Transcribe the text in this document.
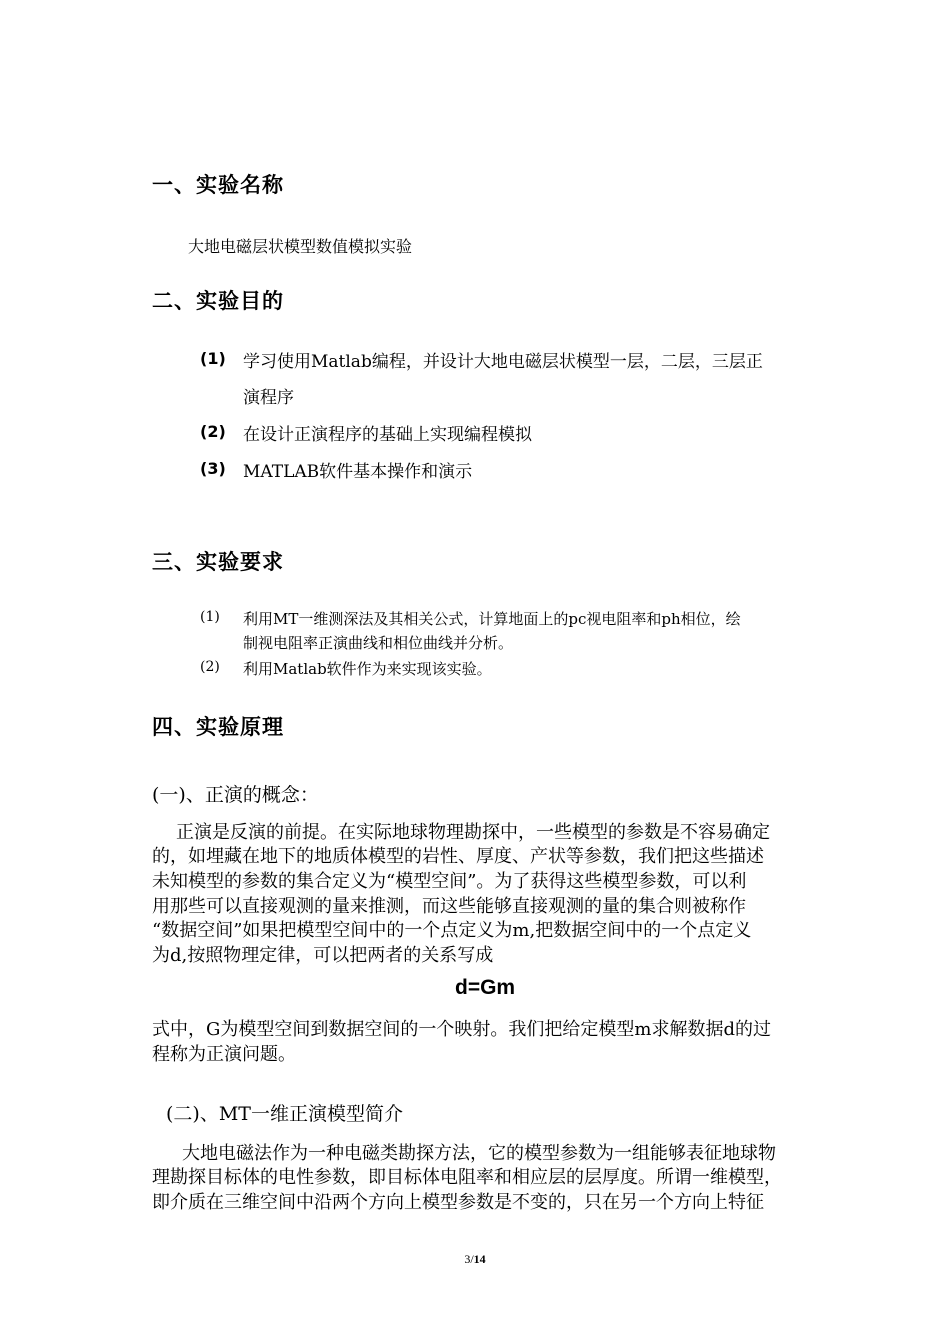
一、实验名称
大地电磁层状模型数值模拟实验
二、实验目的
(1) 学习使用Matlab编程，并设计大地电磁层状模型一层，二层，三层正
演程序
(2) 在设计正演程序的基础上实现编程模拟
(3) MATLAB软件基本操作和演示
三、实验要求
(1) 利用MT一维测深法及其相关公式，计算地面上的pc视电阻率和ph相位，绘
制视电阻率正演曲线和相位曲线并分析。
(2) 利用Matlab软件作为来实现该实验。
四、实验原理
(一)、正演的概念：
正演是反演的前提。在实际地球物理勘探中，一些模型的参数是不容易确定
的，如埋藏在地下的地质体模型的岩性、厚度、产状等参数，我们把这些描述
未知模型的参数的集合定义为“模型空间”。为了获得这些模型参数，可以利
用那些可以直接观测的量来推测，而这些能够直接观测的量的集合则被称作
“数据空间”如果把模型空间中的一个点定义为m,把数据空间中的一个点定义
为d,按照物理定律，可以把两者的关系写成
d=Gm
式中，G为模型空间到数据空间的一个映射。我们把给定模型m求解数据d的过
程称为正演问题。
(二)、MT一维正演模型简介
大地电磁法作为一种电磁类勘探方法，它的模型参数为一组能够表征地球物
理勘探目标体的电性参数，即目标体电阻率和相应层的层厚度。所谓一维模型，
即介质在三维空间中沿两个方向上模型参数是不变的，只在另一个方向上特征
3/14
